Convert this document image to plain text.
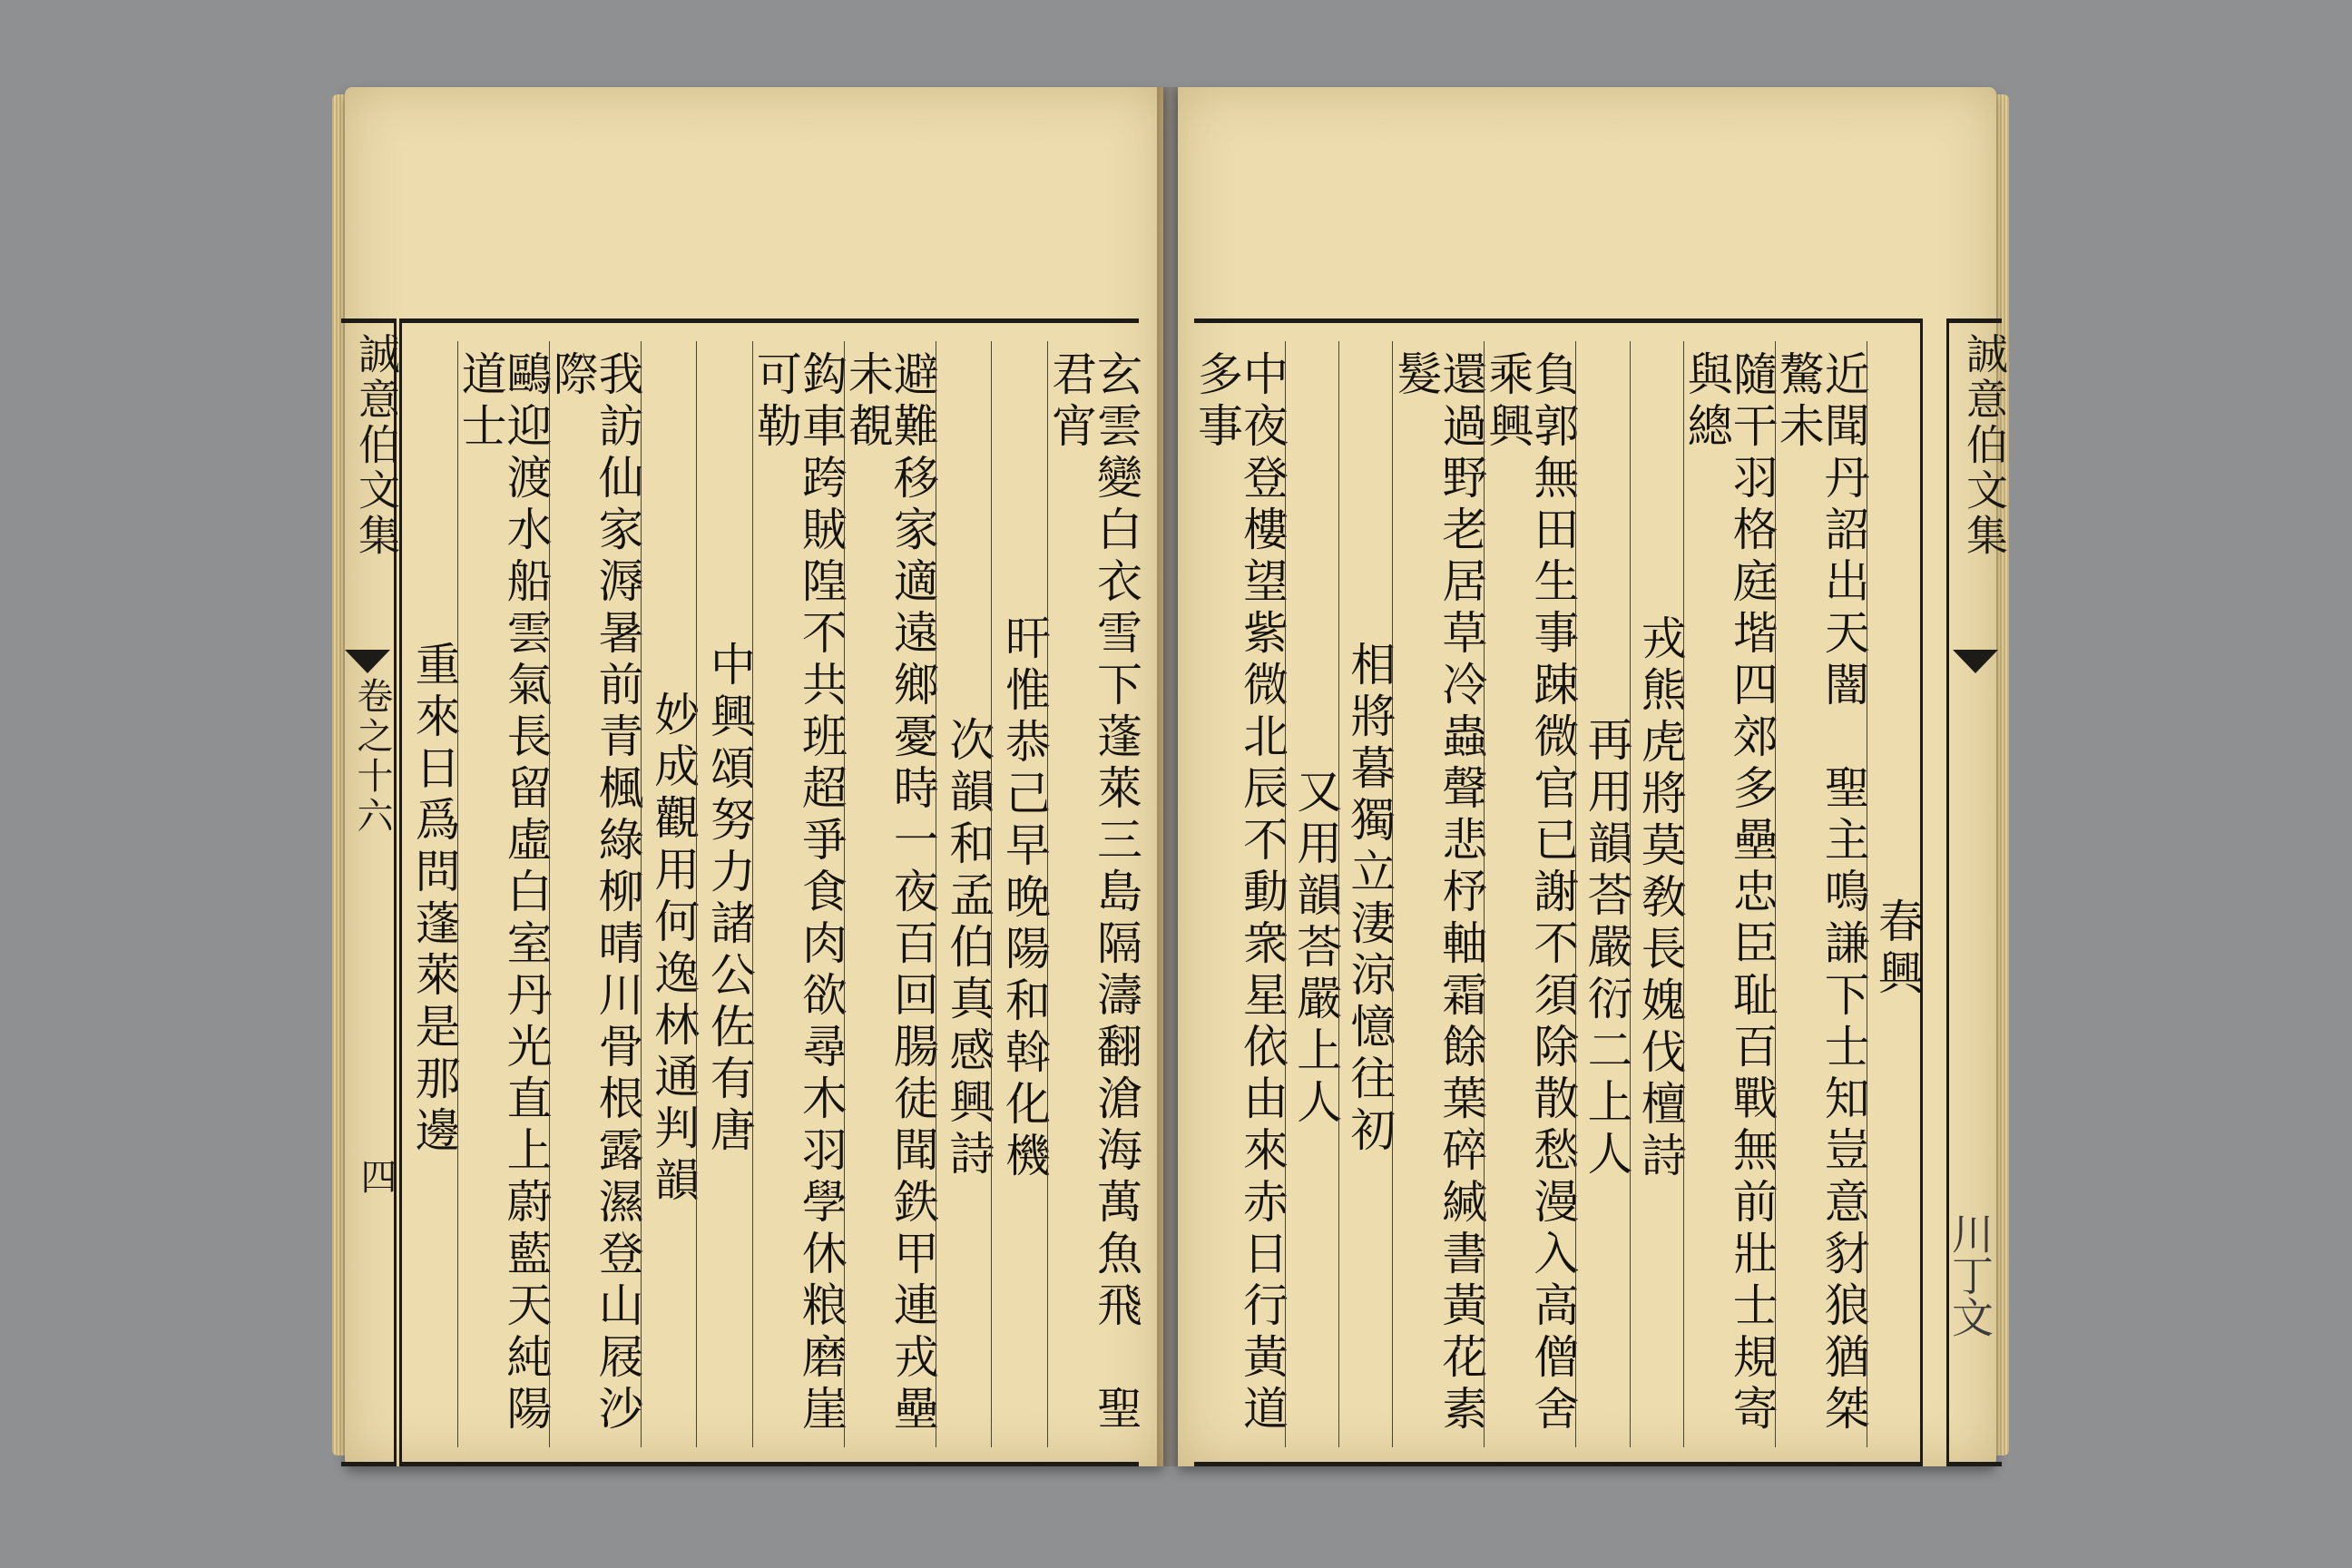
誠意伯文集
卷之十六
四	玄雲變白衣雪下蓬萊三島隔濤翻滄海萬魚飛　聖君宵
旰惟恭己早晚陽和斡化機
次韻和孟伯真感興詩
避難移家適遠鄉憂時一夜百回腸徒聞鉄甲連戎壘未覩
鈎車跨賊隍不共班超爭食肉欲尋木羽學休粮磨崖可勒
中興頌努力諸公佐有唐
妙成觀用何逸林通判韻
我訪仙家溽暑前青楓綠柳晴川骨根露濕登山屐沙際
鷗迎渡水船雲氣長留虛白室丹光直上蔚藍天純陽道士
重來日爲問蓬萊是那邊	春興
近聞丹詔出天闇　聖主鳴謙下士知豈意豺狼猶桀驁未
隨干羽格庭堦四郊多壘忠臣耻百戰無前壯士規寄與總
戎熊虎將莫敎長媿伐檀詩
再用韻荅嚴衍二上人
負郭無田生事踈微官已謝不須除散愁漫入高僧舍乘興
還過野老居草冷蟲聲悲杼軸霜餘葉碎緘書黃花素髮
相將暮獨立淒涼憶往初
又用韻荅嚴上人
中夜登樓望紫微北辰不動衆星依由來赤日行黃道多事	誠意伯文集
川丁文
